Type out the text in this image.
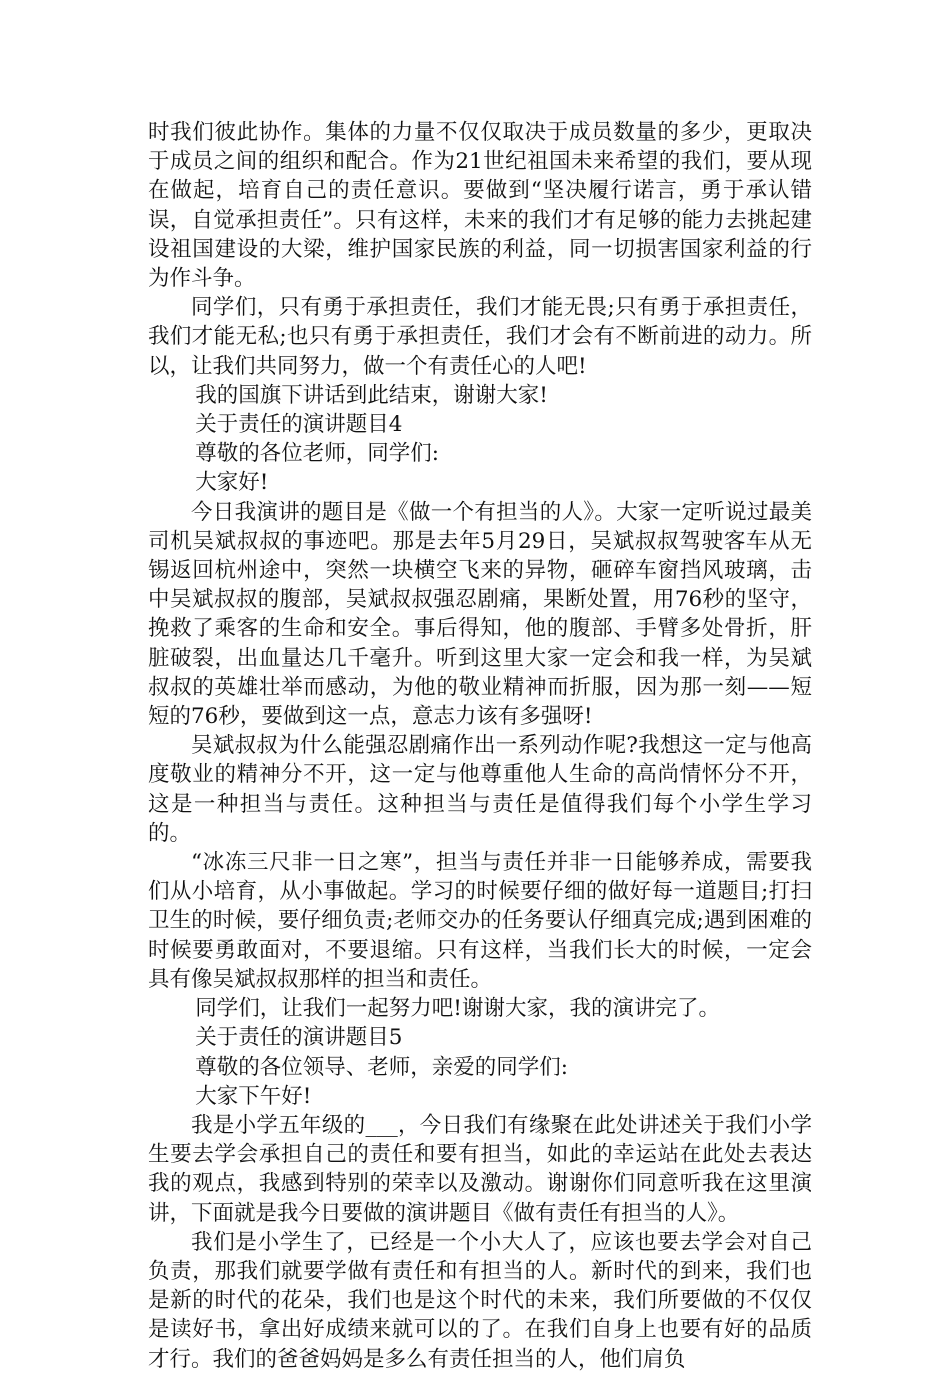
时我们彼此协作。集体的力量不仅仅取决于成员数量的多少，更取决于成员之间的组织和配合。作为21世纪祖国未来希望的我们，要从现在做起，培育自己的责任意识。要做到“坚决履行诺言，勇于承认错误，自觉承担责任”。只有这样，未来的我们才有足够的能力去挑起建设祖国建设的大梁，维护国家民族的利益，同一切损害国家利益的行为作斗争。

同学们，只有勇于承担责任，我们才能无畏;只有勇于承担责任，我们才能无私;也只有勇于承担责任，我们才会有不断前进的动力。所以，让我们共同努力，做一个有责任心的人吧!

我的国旗下讲话到此结束，谢谢大家!

关于责任的演讲题目4

尊敬的各位老师，同学们:

大家好!

今日我演讲的题目是《做一个有担当的人》。大家一定听说过最美司机吴斌叔叔的事迹吧。那是去年5月29日，吴斌叔叔驾驶客车从无锡返回杭州途中，突然一块横空飞来的异物，砸碎车窗挡风玻璃，击中吴斌叔叔的腹部，吴斌叔叔强忍剧痛，果断处置，用76秒的坚守，挽救了乘客的生命和安全。事后得知，他的腹部、手臂多处骨折，肝脏破裂，出血量达几千毫升。听到这里大家一定会和我一样，为吴斌叔叔的英雄壮举而感动，为他的敬业精神而折服，因为那一刻——短短的76秒，要做到这一点，意志力该有多强呀!

吴斌叔叔为什么能强忍剧痛作出一系列动作呢?我想这一定与他高度敬业的精神分不开，这一定与他尊重他人生命的高尚情怀分不开，这是一种担当与责任。这种担当与责任是值得我们每个小学生学习的。

“冰冻三尺非一日之寒”，担当与责任并非一日能够养成，需要我们从小培育，从小事做起。学习的时候要仔细的做好每一道题目;打扫卫生的时候，要仔细负责;老师交办的任务要认仔细真完成;遇到困难的时候要勇敢面对，不要退缩。只有这样，当我们长大的时候，一定会具有像吴斌叔叔那样的担当和责任。

同学们，让我们一起努力吧!谢谢大家，我的演讲完了。

关于责任的演讲题目5

尊敬的各位领导、老师，亲爱的同学们:

大家下午好!

我是小学五年级的___，今日我们有缘聚在此处讲述关于我们小学生要去学会承担自己的责任和要有担当，如此的幸运站在此处去表达我的观点，我感到特别的荣幸以及激动。谢谢你们同意听我在这里演讲，下面就是我今日要做的演讲题目《做有责任有担当的人》。

我们是小学生了，已经是一个小大人了，应该也要去学会对自己负责，那我们就要学做有责任和有担当的人。新时代的到来，我们也是新的时代的花朵，我们也是这个时代的未来，我们所要做的不仅仅是读好书，拿出好成绩来就可以的了。在我们自身上也要有好的品质才行。我们的爸爸妈妈是多么有责任担当的人，他们肩负
